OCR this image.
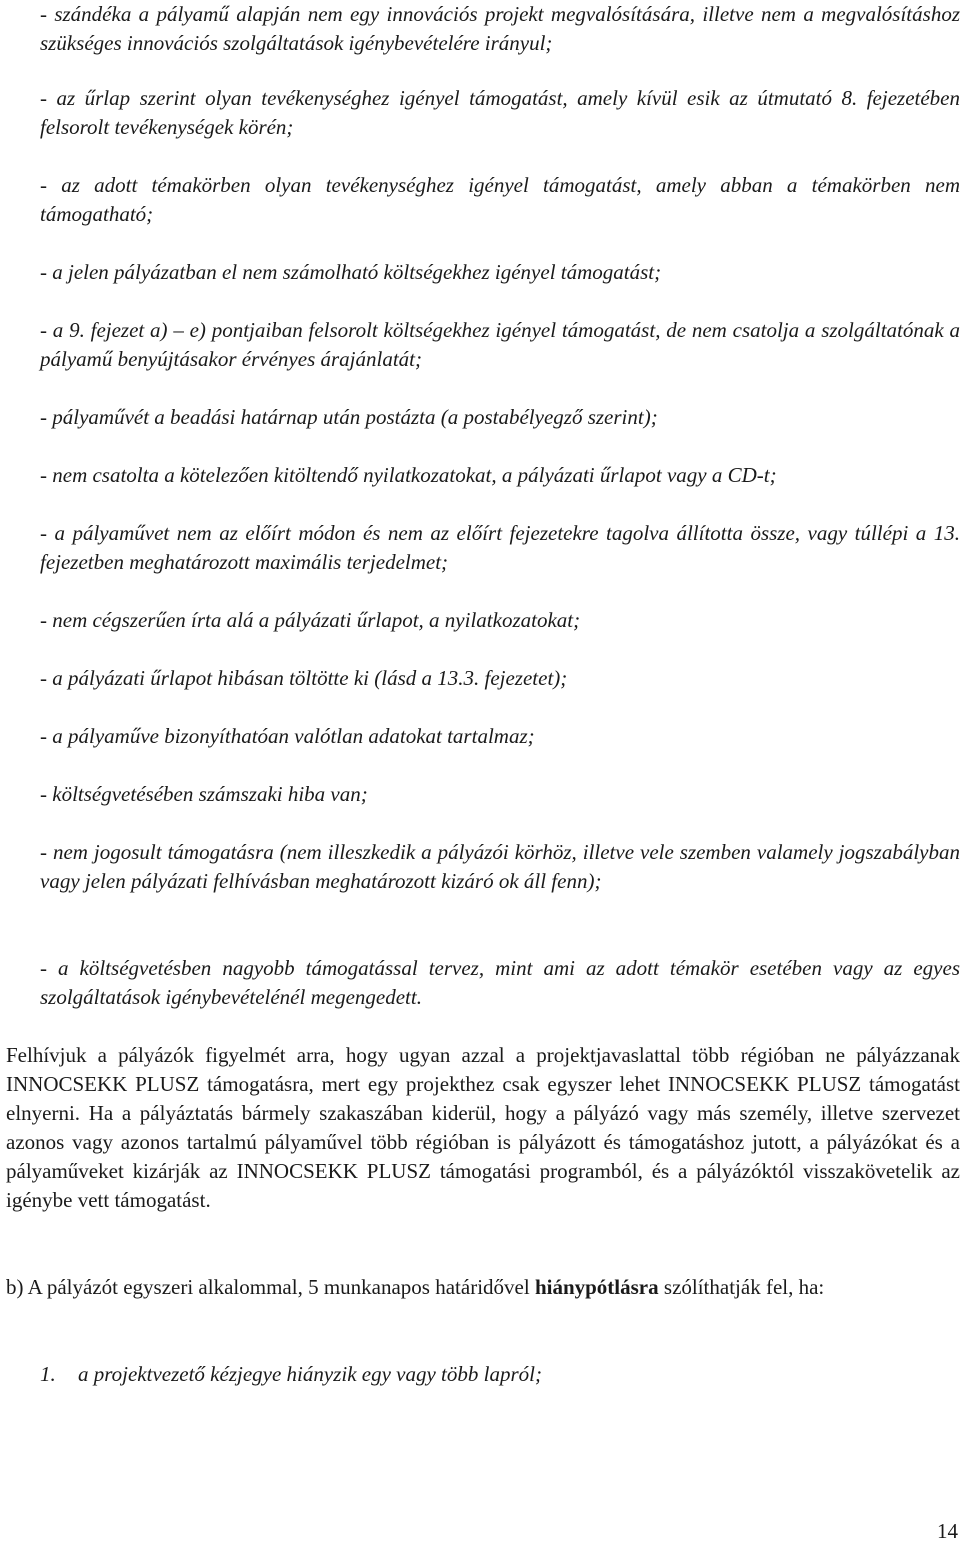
- szándéka a pályamű alapján nem egy innovációs projekt megvalósítására, illetve nem a megvalósításhoz szükséges innovációs szolgáltatások igénybevételére irányul;

- az űrlap szerint olyan tevékenységhez igényel támogatást, amely kívül esik az útmutató 8. fejezetében felsorolt tevékenységek körén;

- az adott témakörben olyan tevékenységhez igényel támogatást, amely abban a témakörben nem támogatható;

- a jelen pályázatban el nem számolható költségekhez igényel támogatást;

- a 9. fejezet a) – e) pontjaiban felsorolt költségekhez igényel támogatást, de nem csatolja a szolgáltatónak a pályamű benyújtásakor érvényes árajánlatát;

- pályaművét a beadási határnap után postázta (a postabélyegző szerint);

- nem csatolta a kötelezően kitöltendő nyilatkozatokat, a pályázati űrlapot vagy a CD-t;

- a pályaművet nem az előírt módon és nem az előírt fejezetekre tagolva állította össze, vagy túllépi a 13. fejezetben meghatározott maximális terjedelmet;

- nem cégszerűen írta alá a pályázati űrlapot, a nyilatkozatokat;

- a pályázati űrlapot hibásan töltötte ki (lásd a 13.3. fejezetet);

- a pályaműve bizonyíthatóan valótlan adatokat tartalmaz;

- költségvetésében számszaki hiba van;

- nem jogosult támogatásra (nem illeszkedik a pályázói körhöz, illetve vele szemben valamely jogszabályban vagy jelen pályázati felhívásban meghatározott kizáró ok áll fenn);

- a költségvetésben nagyobb támogatással tervez, mint ami az adott témakör esetében vagy az egyes szolgáltatások igénybevételénél megengedett.

Felhívjuk a pályázók figyelmét arra, hogy ugyan azzal a projektjavaslattal több régióban ne pályázzanak INNOCSEKK PLUSZ támogatásra, mert egy projekthez csak egyszer lehet INNOCSEKK PLUSZ támogatást elnyerni. Ha a pályáztatás bármely szakaszában kiderül, hogy a pályázó vagy más személy, illetve szervezet azonos vagy azonos tartalmú pályaművel több régióban is pályázott és támogatáshoz jutott, a pályázókat és a pályaműveket kizárják az INNOCSEKK PLUSZ támogatási programból, és a pályázóktól visszakövetelik az igénybe vett támogatást.

b) A pályázót egyszeri alkalommal, 5 munkanapos határidővel hiánypótlásra szólíthatják fel, ha:

1. a projektvezető kézjegye hiányzik egy vagy több lapról;

14
